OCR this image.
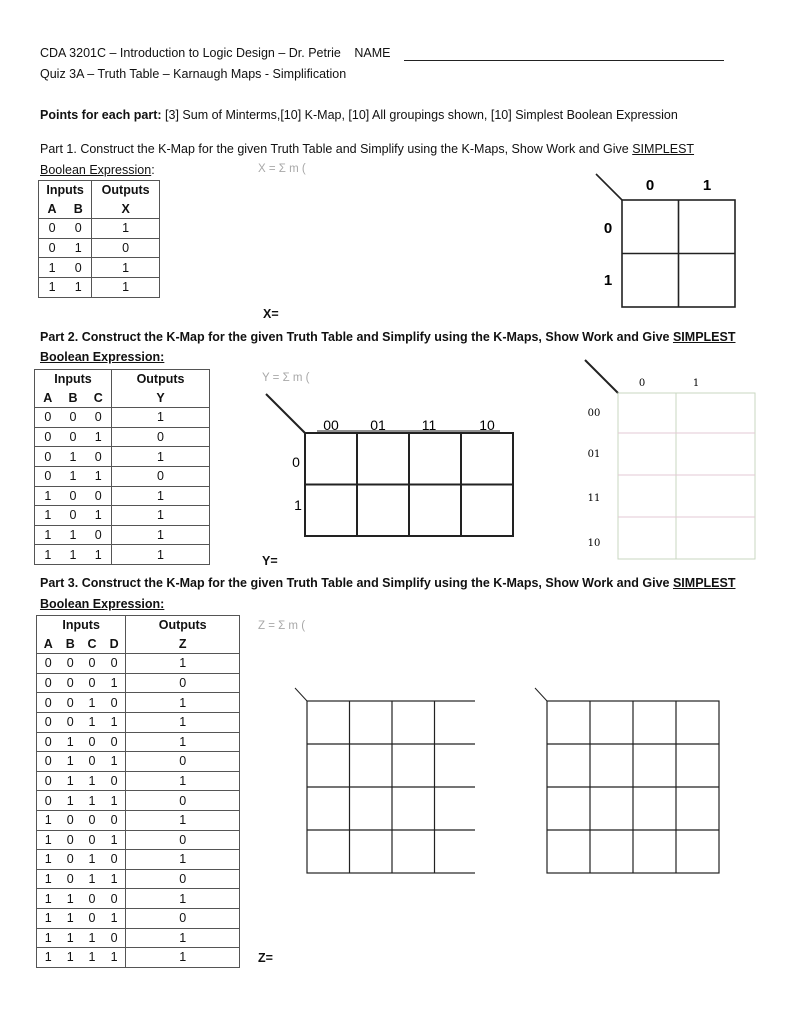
CDA 3201C – Introduction to Logic Design – Dr. Petrie NAME
Quiz 3A – Truth Table – Karnaugh Maps - Simplification
Points for each part: [3] Sum of Minterms,[10] K-Map, [10] All groupings shown, [10] Simplest Boolean Expression
Part 1. Construct the K-Map for the given Truth Table and Simplify using the K-Maps, Show Work and Give SIMPLEST
Boolean Expression:	X = Σ m (
Inputs		Outputs
A	B	X
0	0	1
0	1	0
1	0	1
1	1	1
0	1
0
1
X=
Part 2. Construct the K-Map for the given Truth Table and Simplify using the K-Maps, Show Work and Give SIMPLEST
Boolean Expression:
Y = Σ m (
Inputs			Outputs
A	B	C	Y
0	0	0	1
0	0	1	0
0	1	0	1
0	1	1	0
1	0	0	1
1	0	1	1
1	1	0	1
1	1	1	1
00 01	11	10
0
1
0	1
00
01
11
10
Y=
Part 3. Construct the K-Map for the given Truth Table and Simplify using the K-Maps, Show Work and Give SIMPLEST
Boolean Expression:
Z = Σ m (
Inputs				Outputs
A	B	C	D	Z
0	0	0	0	1
0	0	0	1	0
0	0	1	0	1
0	0	1	1	1
0	1	0	0	1
0	1	0	1	0
0	1	1	0	1
0	1	1	1	0
1	0	0	0	1
1	0	0	1	0
1	0	1	0	1
1	0	1	1	0
1	1	0	0	1
1	1	0	1	0
1	1	1	0	1
1	1	1	1	1	Z=
